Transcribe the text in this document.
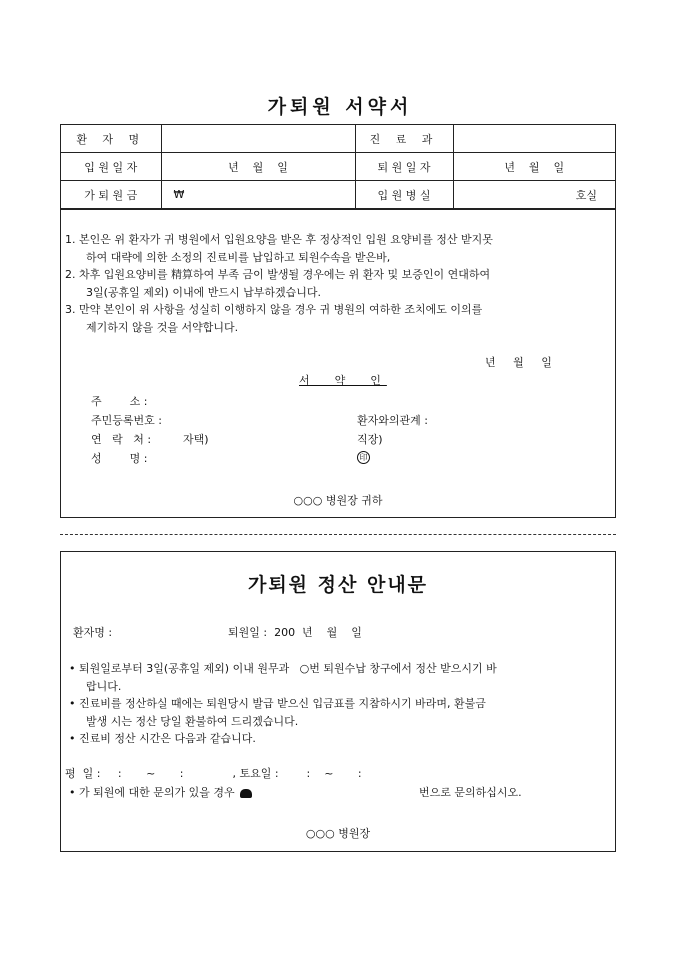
가퇴원 서약서
환 자 명		진 료 과	
입 원 일 자	년    월    일	퇴 원 일 자	년    월    일
가 퇴 원 금	₩	입 원 병 실	호실

1. 본인은 위 환자가 귀 병원에서 입원요양을 받은 후 정상적인 입원 요양비를 정산 받지못

하여 대략에 의한 소정의 진료비를 납입하고 퇴원수속을 받은바,

2. 차후 입원요양비를 精算하여 부족 금이 발생될 경우에는 위 환자 및 보증인이 연대하여

3일(공휴일 제외) 이내에 반드시 납부하겠습니다.

3. 만약 본인이 위 사항을 성실히 이행하지 않을 경우 귀 병원의 여하한 조치에도 이의를

제기하지 않을 것을 서약합니다.

년     월     일
서  약  인
주        소 :
주민등록번호 :	환자와의관계 :
연   락   처 :	자택)	직장)
성        명 :	印
○○○ 병원장 귀하
가퇴원 정산 안내문
환자명 :	퇴원일 :  200  년    월    일

• 퇴원일로부터 3일(공휴일 제외) 이내 원무과   ○번 퇴원수납 창구에서 정산 받으시기 바

랍니다.

• 진료비를 정산하실 때에는 퇴원당시 발급 받으신 입금표를 지참하시기 바라며, 환불금

발생 시는 정산 당일 환불하여 드리겠습니다.

• 진료비 정산 시간은 다음과 같습니다.

평  일 :     :       ~       :              , 토요일 :        :    ~       :
• 가 퇴원에 대한 문의가 있을 경우	번으로 문의하십시오.
○○○ 병원장
